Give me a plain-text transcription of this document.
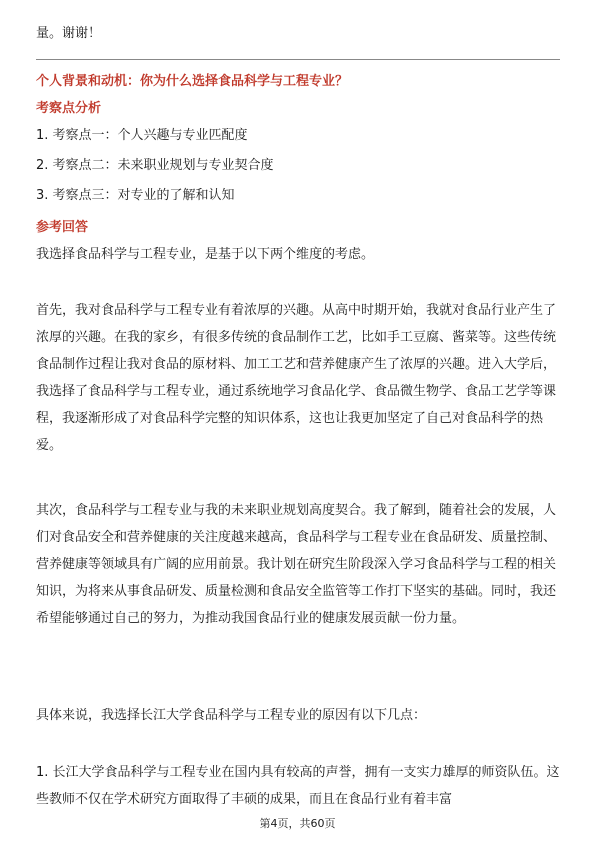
量。谢谢！
个人背景和动机：你为什么选择食品科学与工程专业？
考察点分析
1. 考察点一：个人兴趣与专业匹配度
2. 考察点二：未来职业规划与专业契合度
3. 考察点三：对专业的了解和认知
参考回答
我选择食品科学与工程专业，是基于以下两个维度的考虑。

首先，我对食品科学与工程专业有着浓厚的兴趣。从高中时期开始，我就对食品行业产生了浓厚的兴趣。在我的家乡，有很多传统的食品制作工艺，比如手工豆腐、酱菜等。这些传统食品制作过程让我对食品的原材料、加工工艺和营养健康产生了浓厚的兴趣。进入大学后，我选择了食品科学与工程专业，通过系统地学习食品化学、食品微生物学、食品工艺学等课程，我逐渐形成了对食品科学完整的知识体系，这也让我更加坚定了自己对食品科学的热爱。

其次，食品科学与工程专业与我的未来职业规划高度契合。我了解到，随着社会的发展，人们对食品安全和营养健康的关注度越来越高，食品科学与工程专业在食品研发、质量控制、营养健康等领域具有广阔的应用前景。我计划在研究生阶段深入学习食品科学与工程的相关知识，为将来从事食品研发、质量检测和食品安全监管等工作打下坚实的基础。同时，我还希望能够通过自己的努力，为推动我国食品行业的健康发展贡献一份力量。

具体来说，我选择长江大学食品科学与工程专业的原因有以下几点：

1. 长江大学食品科学与工程专业在国内具有较高的声誉，拥有一支实力雄厚的师资队伍。这些教师不仅在学术研究方面取得了丰硕的成果，而且在食品行业有着丰富

第4页，共60页
